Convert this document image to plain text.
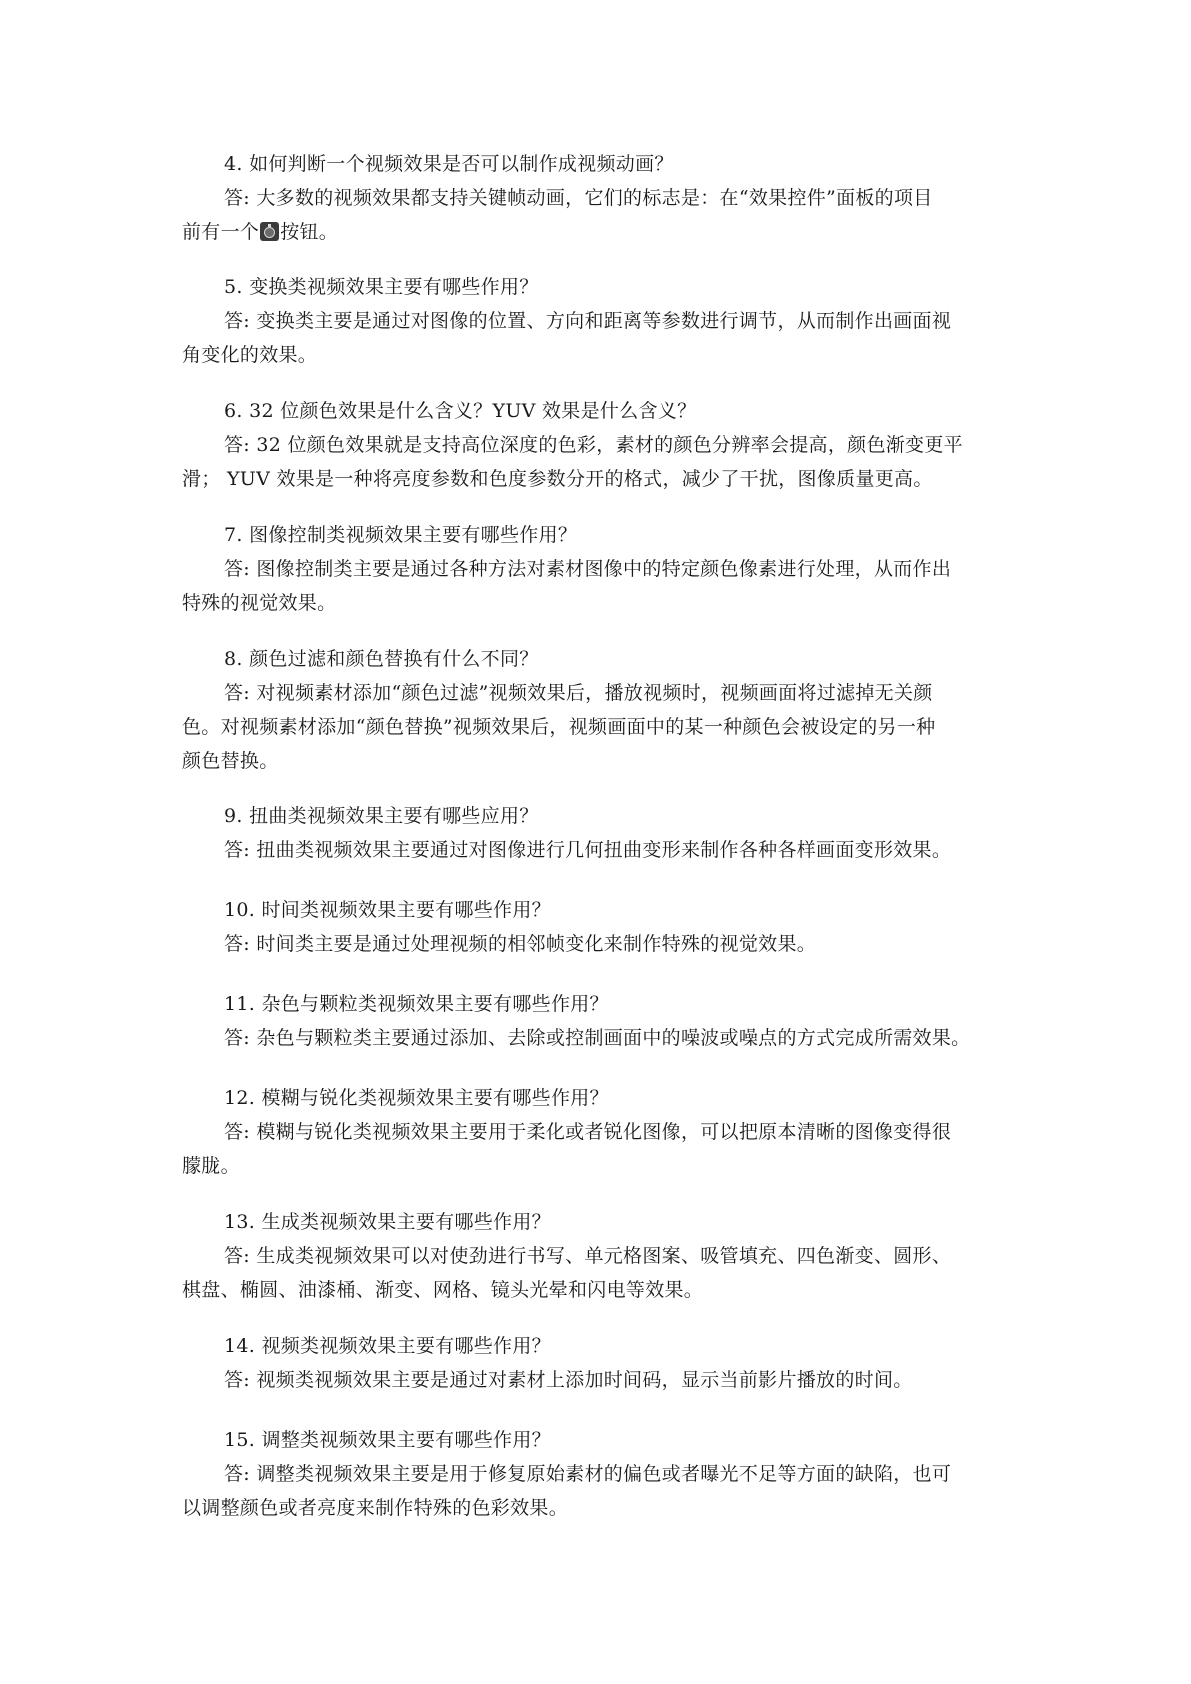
4. 如何判断一个视频效果是否可以制作成视频动画？
答: 大多数的视频效果都支持关键帧动画，它们的标志是：在“效果控件”面板的项目
前有一个 按钮。
5. 变换类视频效果主要有哪些作用？
答: 变换类主要是通过对图像的位置、方向和距离等参数进行调节，从而制作出画面视
角变化的效果。
6. 32 位颜色效果是什么含义？YUV 效果是什么含义？
答: 32 位颜色效果就是支持高位深度的色彩，素材的颜色分辨率会提高，颜色渐变更平
滑； YUV 效果是一种将亮度参数和色度参数分开的格式，减少了干扰，图像质量更高。
7. 图像控制类视频效果主要有哪些作用？
答: 图像控制类主要是通过各种方法对素材图像中的特定颜色像素进行处理，从而作出
特殊的视觉效果。
8. 颜色过滤和颜色替换有什么不同？
答: 对视频素材添加“颜色过滤”视频效果后，播放视频时，视频画面将过滤掉无关颜
色。对视频素材添加“颜色替换”视频效果后，视频画面中的某一种颜色会被设定的另一种
颜色替换。
9. 扭曲类视频效果主要有哪些应用？
答: 扭曲类视频效果主要通过对图像进行几何扭曲变形来制作各种各样画面变形效果。
10. 时间类视频效果主要有哪些作用？
答: 时间类主要是通过处理视频的相邻帧变化来制作特殊的视觉效果。
11. 杂色与颗粒类视频效果主要有哪些作用？
答: 杂色与颗粒类主要通过添加、去除或控制画面中的噪波或噪点的方式完成所需效果。
12. 模糊与锐化类视频效果主要有哪些作用？
答: 模糊与锐化类视频效果主要用于柔化或者锐化图像，可以把原本清晰的图像变得很
朦胧。
13. 生成类视频效果主要有哪些作用？
答: 生成类视频效果可以对使劲进行书写、单元格图案、吸管填充、四色渐变、圆形、
棋盘、椭圆、油漆桶、渐变、网格、镜头光晕和闪电等效果。
14. 视频类视频效果主要有哪些作用？
答: 视频类视频效果主要是通过对素材上添加时间码，显示当前影片播放的时间。
15. 调整类视频效果主要有哪些作用？
答: 调整类视频效果主要是用于修复原始素材的偏色或者曝光不足等方面的缺陷，也可
以调整颜色或者亮度来制作特殊的色彩效果。
